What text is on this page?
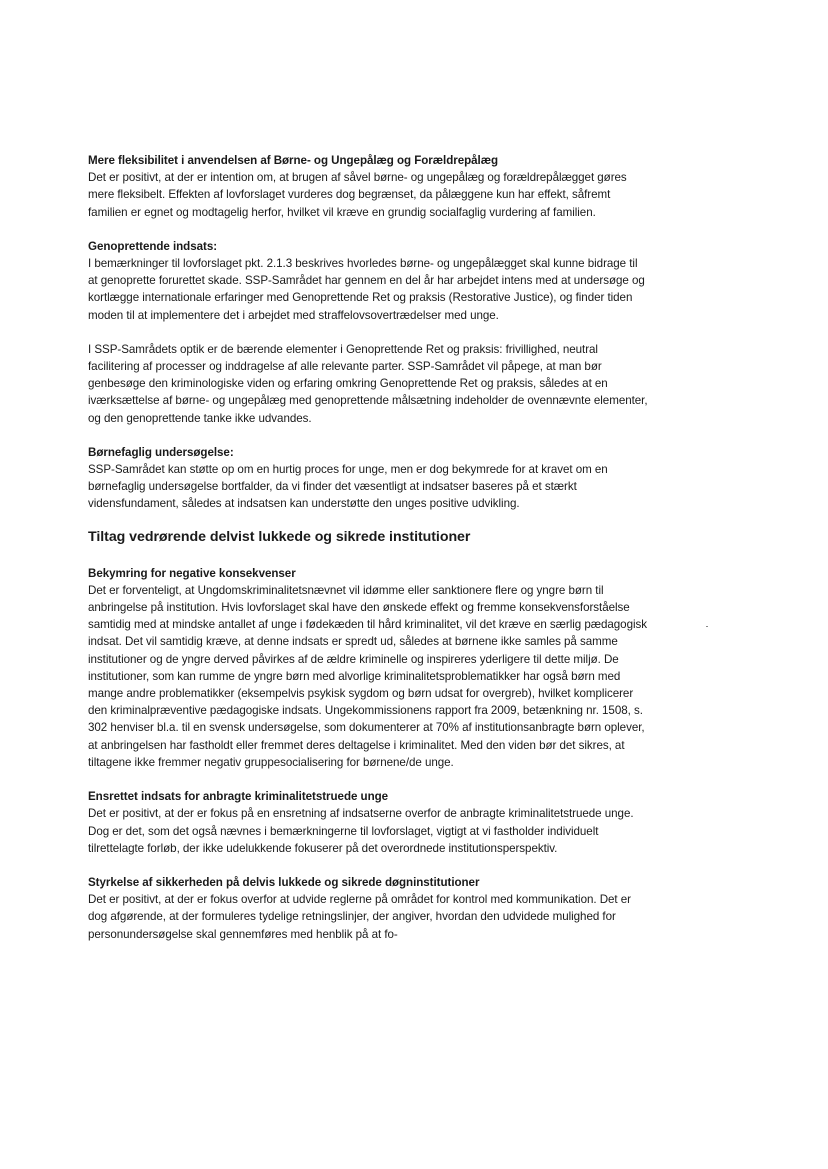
Mere fleksibilitet i anvendelsen af Børne- og Ungepålæg og Forældrepålæg

Det er positivt, at der er intention om, at brugen af såvel børne- og ungepålæg og forældrepålægget gøres mere fleksibelt. Effekten af lovforslaget vurderes dog begrænset, da pålæggene kun har effekt, såfremt familien er egnet og modtagelig herfor, hvilket vil kræve en grundig socialfaglig vurdering af familien.

Genoprettende indsats:

I bemærkninger til lovforslaget pkt. 2.1.3 beskrives hvorledes børne- og ungepålægget skal kunne bidrage til at genoprette forurettet skade. SSP-Samrådet har gennem en del år har arbejdet intens med at undersøge og kortlægge internationale erfaringer med Genoprettende Ret og praksis (Restorative Justice), og finder tiden moden til at implementere det i arbejdet med straffelovsovertrædelser med unge.

I SSP-Samrådets optik er de bærende elementer i Genoprettende Ret og praksis: frivillighed, neutral facilitering af processer og inddragelse af alle relevante parter. SSP-Samrådet vil påpege, at man bør genbesøge den kriminologiske viden og erfaring omkring Genoprettende Ret og praksis, således at en iværksættelse af børne- og ungepålæg med genoprettende målsætning indeholder de ovennævnte elementer, og den genoprettende tanke ikke udvandes.

Børnefaglig undersøgelse:

SSP-Samrådet kan støtte op om en hurtig proces for unge, men er dog bekymrede for at kravet om en børnefaglig undersøgelse bortfalder, da vi finder det væsentligt at indsatser baseres på et stærkt vidensfundament, således at indsatsen kan understøtte den unges positive udvikling.

Tiltag vedrørende delvist lukkede og sikrede institutioner

Bekymring for negative konsekvenser

Det er forventeligt, at Ungdomskriminalitetsnævnet vil idømme eller sanktionere flere og yngre børn til anbringelse på institution. Hvis lovforslaget skal have den ønskede effekt og fremme konsekvensforståelse samtidig med at mindske antallet af unge i fødekæden til hård kriminalitet, vil det kræve en særlig pædagogisk indsat. Det vil samtidig kræve, at denne indsats er spredt ud, således at børnene ikke samles på samme institutioner og de yngre derved påvirkes af de ældre kriminelle og inspireres yderligere til dette miljø. De institutioner, som kan rumme de yngre børn med alvorlige kriminalitetsproblematikker har også børn med mange andre problematikker (eksempelvis psykisk sygdom og børn udsat for overgreb), hvilket komplicerer den kriminalpræventive pædagogiske indsats. Ungekommissionens rapport fra 2009, betænkning nr. 1508, s. 302 henviser bl.a. til en svensk undersøgelse, som dokumenterer at 70% af institutionsanbragte børn oplever, at anbringelsen har fastholdt eller fremmet deres deltagelse i kriminalitet. Med den viden bør det sikres, at tiltagene ikke fremmer negativ gruppesocialisering for børnene/de unge.

Ensrettet indsats for anbragte kriminalitetstruede unge

Det er positivt, at der er fokus på en ensretning af indsatserne overfor de anbragte kriminalitetstruede unge. Dog er det, som det også nævnes i bemærkningerne til lovforslaget, vigtigt at vi fastholder individuelt tilrettelagte forløb, der ikke udelukkende fokuserer på det overordnede institutionsperspektiv.

Styrkelse af sikkerheden på delvis lukkede og sikrede døgninstitutioner

Det er positivt, at der er fokus overfor at udvide reglerne på området for kontrol med kommunikation. Det er dog afgørende, at der formuleres tydelige retningslinjer, der angiver, hvordan den udvidede mulighed for personundersøgelse skal gennemføres med henblik på at fo-
